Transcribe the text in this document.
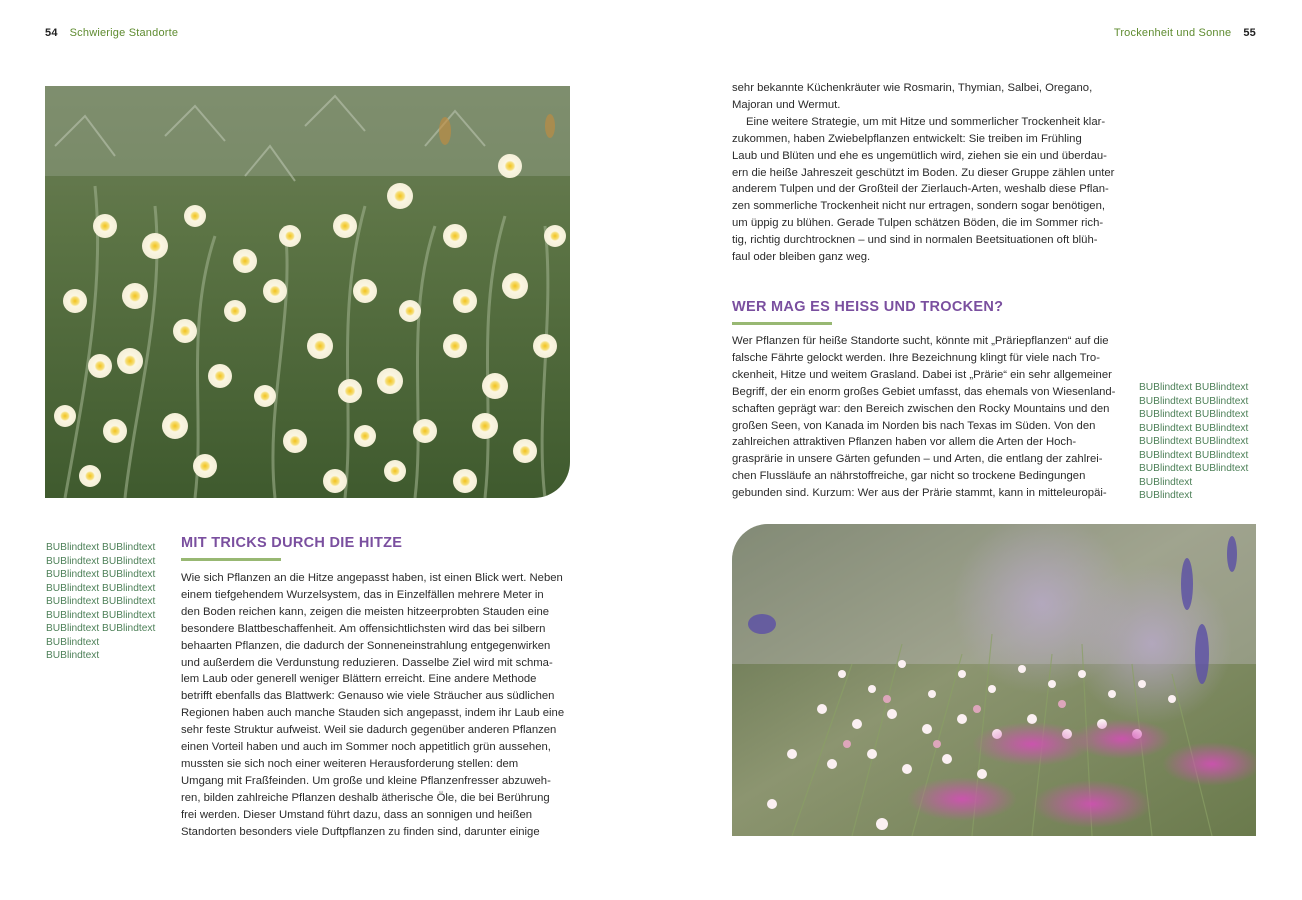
54 Schwierige Standorte	Trockenheit und Sonne 55
BUBlindtext BUBlindtext
BUBlindtext BUBlindtext
BUBlindtext BUBlindtext
BUBlindtext BUBlindtext
BUBlindtext BUBlindtext
BUBlindtext BUBlindtext
BUBlindtext BUBlindtext
BUBlindtext
BUBlindtext
MIT TRICKS DURCH DIE HITZE
Wie sich Pflanzen an die Hitze angepasst haben, ist einen Blick wert. Neben
einem tiefgehendem Wurzelsystem, das in Einzelfällen mehrere Meter in
den Boden reichen kann, zeigen die meisten hitzeerprobten Stauden eine
besondere Blattbeschaffenheit. Am offensichtlichsten wird das bei silbern
behaarten Pflanzen, die dadurch der Sonneneinstrahlung entgegenwirken
und außerdem die Verdunstung reduzieren. Dasselbe Ziel wird mit schma-
lem Laub oder generell weniger Blättern erreicht. Eine andere Methode
betrifft ebenfalls das Blattwerk: Genauso wie viele Sträucher aus südlichen
Regionen haben auch manche Stauden sich angepasst, indem ihr Laub eine
sehr feste Struktur aufweist. Weil sie dadurch gegenüber anderen Pflanzen
einen Vorteil haben und auch im Sommer noch appetitlich grün aussehen,
mussten sie sich noch einer weiteren Herausforderung stellen: dem
Umgang mit Fraßfeinden. Um große und kleine Pflanzenfresser abzuweh-
ren, bilden zahlreiche Pflanzen deshalb ätherische Öle, die bei Berührung
frei werden. Dieser Umstand führt dazu, dass an sonnigen und heißen
Standorten besonders viele Duftpflanzen zu finden sind, darunter einige
sehr bekannte Küchenkräuter wie Rosmarin, Thymian, Salbei, Oregano,
Majoran und Wermut.
Eine weitere Strategie, um mit Hitze und sommerlicher Trockenheit klar-
zukommen, haben Zwiebelpflanzen entwickelt: Sie treiben im Frühling
Laub und Blüten und ehe es ungemütlich wird, ziehen sie ein und überdau-
ern die heiße Jahreszeit geschützt im Boden. Zu dieser Gruppe zählen unter
anderem Tulpen und der Großteil der Zierlauch-Arten, weshalb diese Pflan-
zen sommerliche Trockenheit nicht nur ertragen, sondern sogar benötigen,
um üppig zu blühen. Gerade Tulpen schätzen Böden, die im Sommer rich-
tig, richtig durchtrocknen – und sind in normalen Beetsituationen oft blüh-
faul oder bleiben ganz weg.
WER MAG ES HEISS UND TROCKEN?
Wer Pflanzen für heiße Standorte sucht, könnte mit „Präriepflanzen“ auf die
falsche Fährte gelockt werden. Ihre Bezeichnung klingt für viele nach Tro-
ckenheit, Hitze und weitem Grasland. Dabei ist „Prärie“ ein sehr allgemeiner
Begriff, der ein enorm großes Gebiet umfasst, das ehemals von Wiesenland-
schaften geprägt war: den Bereich zwischen den Rocky Mountains und den
großen Seen, von Kanada im Norden bis nach Texas im Süden. Von den
zahlreichen attraktiven Pflanzen haben vor allem die Arten der Hoch-
grasprärie in unsere Gärten gefunden – und Arten, die entlang der zahlrei-
chen Flussläufe an nährstoffreiche, gar nicht so trockene Bedingungen
gebunden sind. Kurzum: Wer aus der Prärie stammt, kann in mitteleuropäi-
BUBlindtext BUBlindtext
BUBlindtext BUBlindtext
BUBlindtext BUBlindtext
BUBlindtext BUBlindtext
BUBlindtext BUBlindtext
BUBlindtext BUBlindtext
BUBlindtext BUBlindtext
BUBlindtext
BUBlindtext
